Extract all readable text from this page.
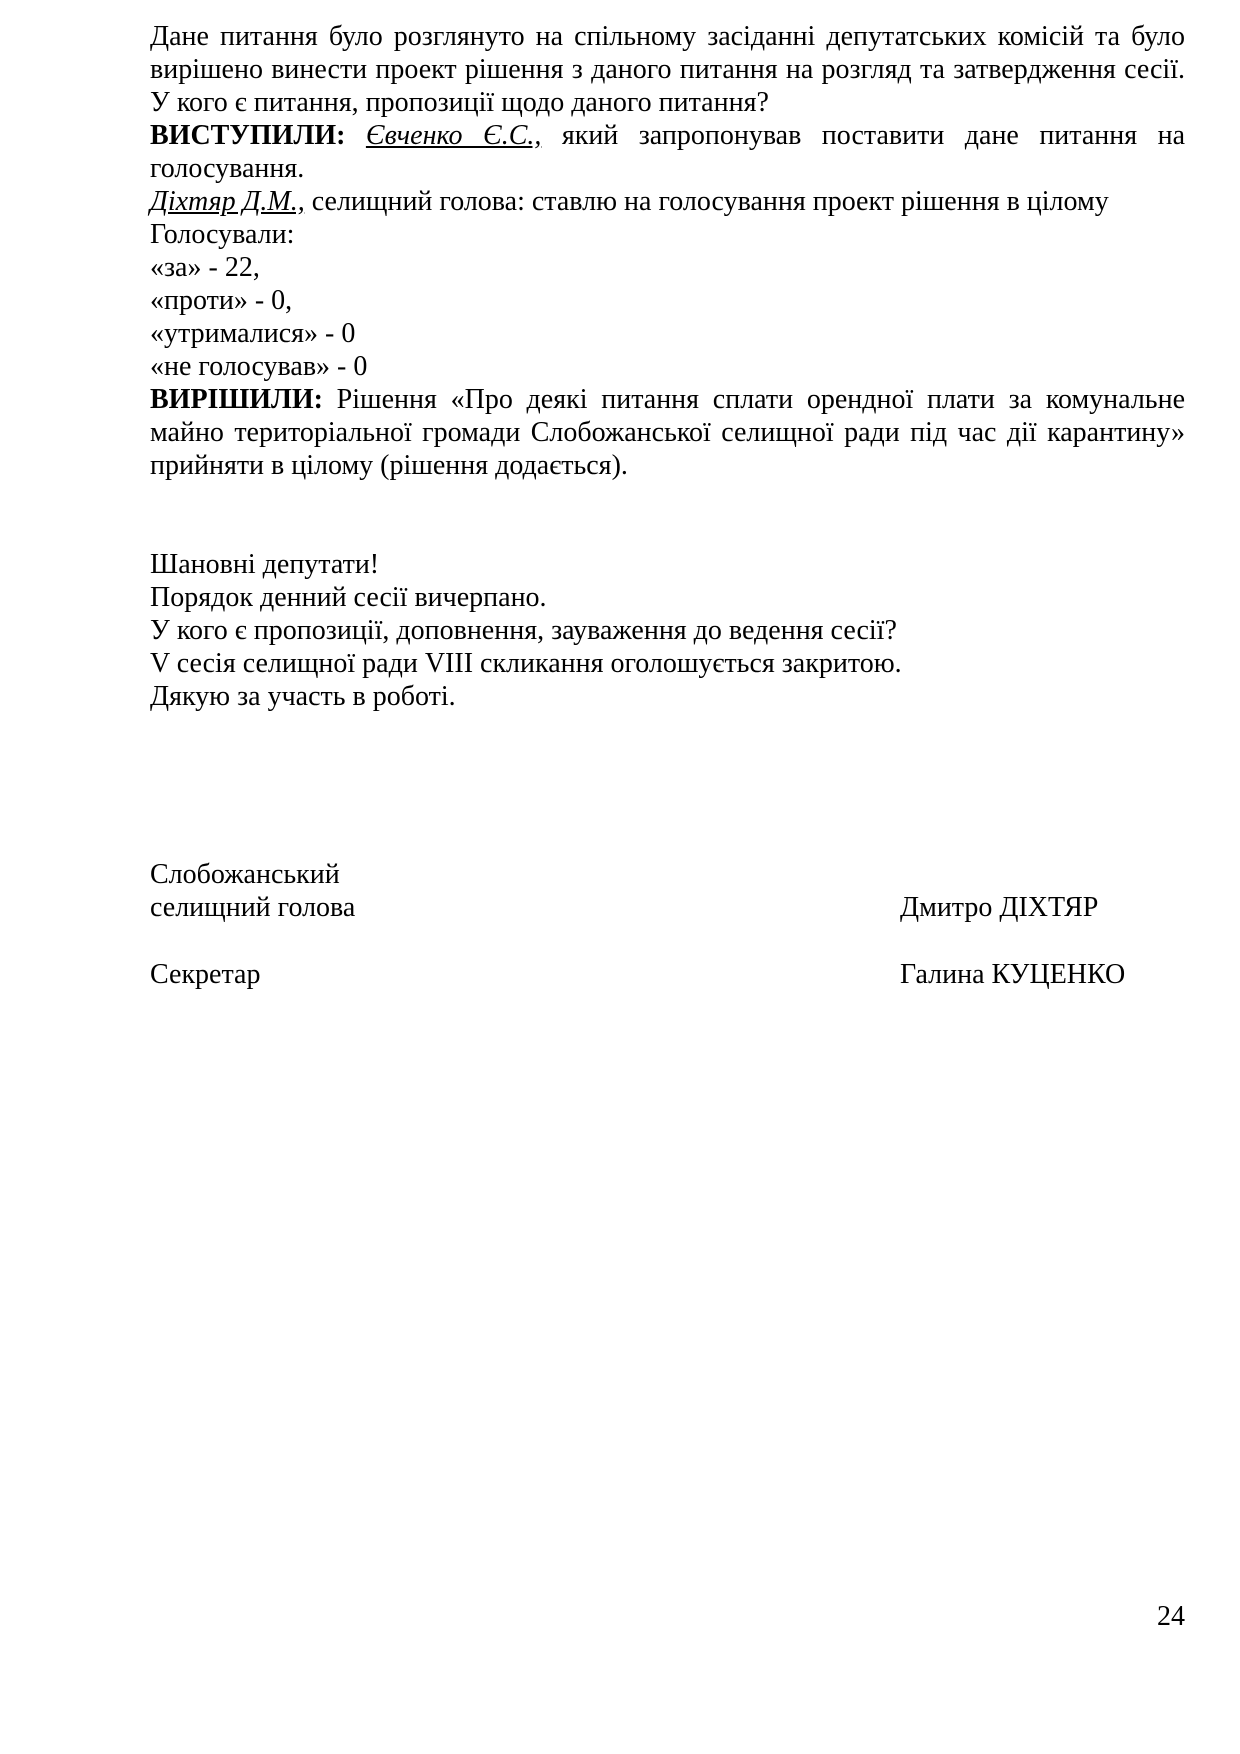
Дане питання було розглянуто на спільному засіданні депутатських комісій та було вирішено винести проект рішення з даного питання на розгляд та затвердження сесії. У кого є питання, пропозиції щодо даного питання?

ВИСТУПИЛИ: Євченко Є.С., який запропонував поставити дане питання на голосування.

Діхтяр Д.М., селищний голова: ставлю на голосування проект рішення в цілому

Голосували:

«за» - 22,

«проти» - 0,

«утрималися» - 0

«не голосував» - 0

ВИРІШИЛИ: Рішення «Про деякі питання сплати орендної плати за комунальне майно територіальної громади Слобожанської селищної ради під час дії карантину» прийняти в цілому (рішення додається).

Шановні депутати!

Порядок денний сесії вичерпано.

У кого є пропозиції, доповнення, зауваження до ведення сесії?

V сесія селищної ради VIII скликання оголошується закритою.

Дякую за участь в роботі.

Слобожанський
селищний голова	Дмитро ДІХТЯР
Секретар	Галина КУЦЕНКО
24
